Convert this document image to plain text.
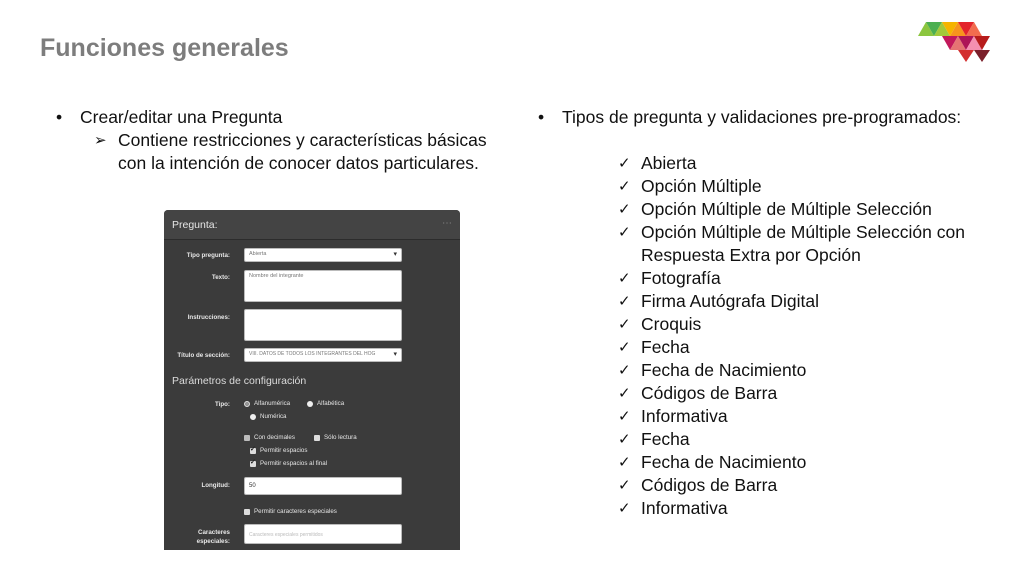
Funciones generales
• Crear/editar una Pregunta
➢ Contiene restricciones y características básicas con la intención de conocer datos particulares.
Pregunta:	⋯
Tipo pregunta:	Abierta ▾
Texto:	Nombre del integrante
Instrucciones:
Título de sección:	VIII. DATOS DE TODOS LOS INTEGRANTES DEL HOG ▾
Parámetros de configuración
Tipo:	Alfanumérica	Alfabética
Numérica
Con decimales	Sólo lectura
✓
Permitir espacios
✓
Permitir espacios al final
Longitud:	50
Permitir caracteres especiales
Caracteres especiales:
Caracteres especiales permitidos
• Tipos de pregunta y validaciones pre-programados:
✓ Abierta
✓ Opción Múltiple
✓ Opción Múltiple de Múltiple Selección
✓ Opción Múltiple de Múltiple Selección con Respuesta Extra por Opción
✓ Fotografía
✓ Firma Autógrafa Digital
✓ Croquis
✓ Fecha
✓ Fecha de Nacimiento
✓ Códigos de Barra
✓ Informativa
✓ Fecha
✓ Fecha de Nacimiento
✓ Códigos de Barra
✓ Informativa
